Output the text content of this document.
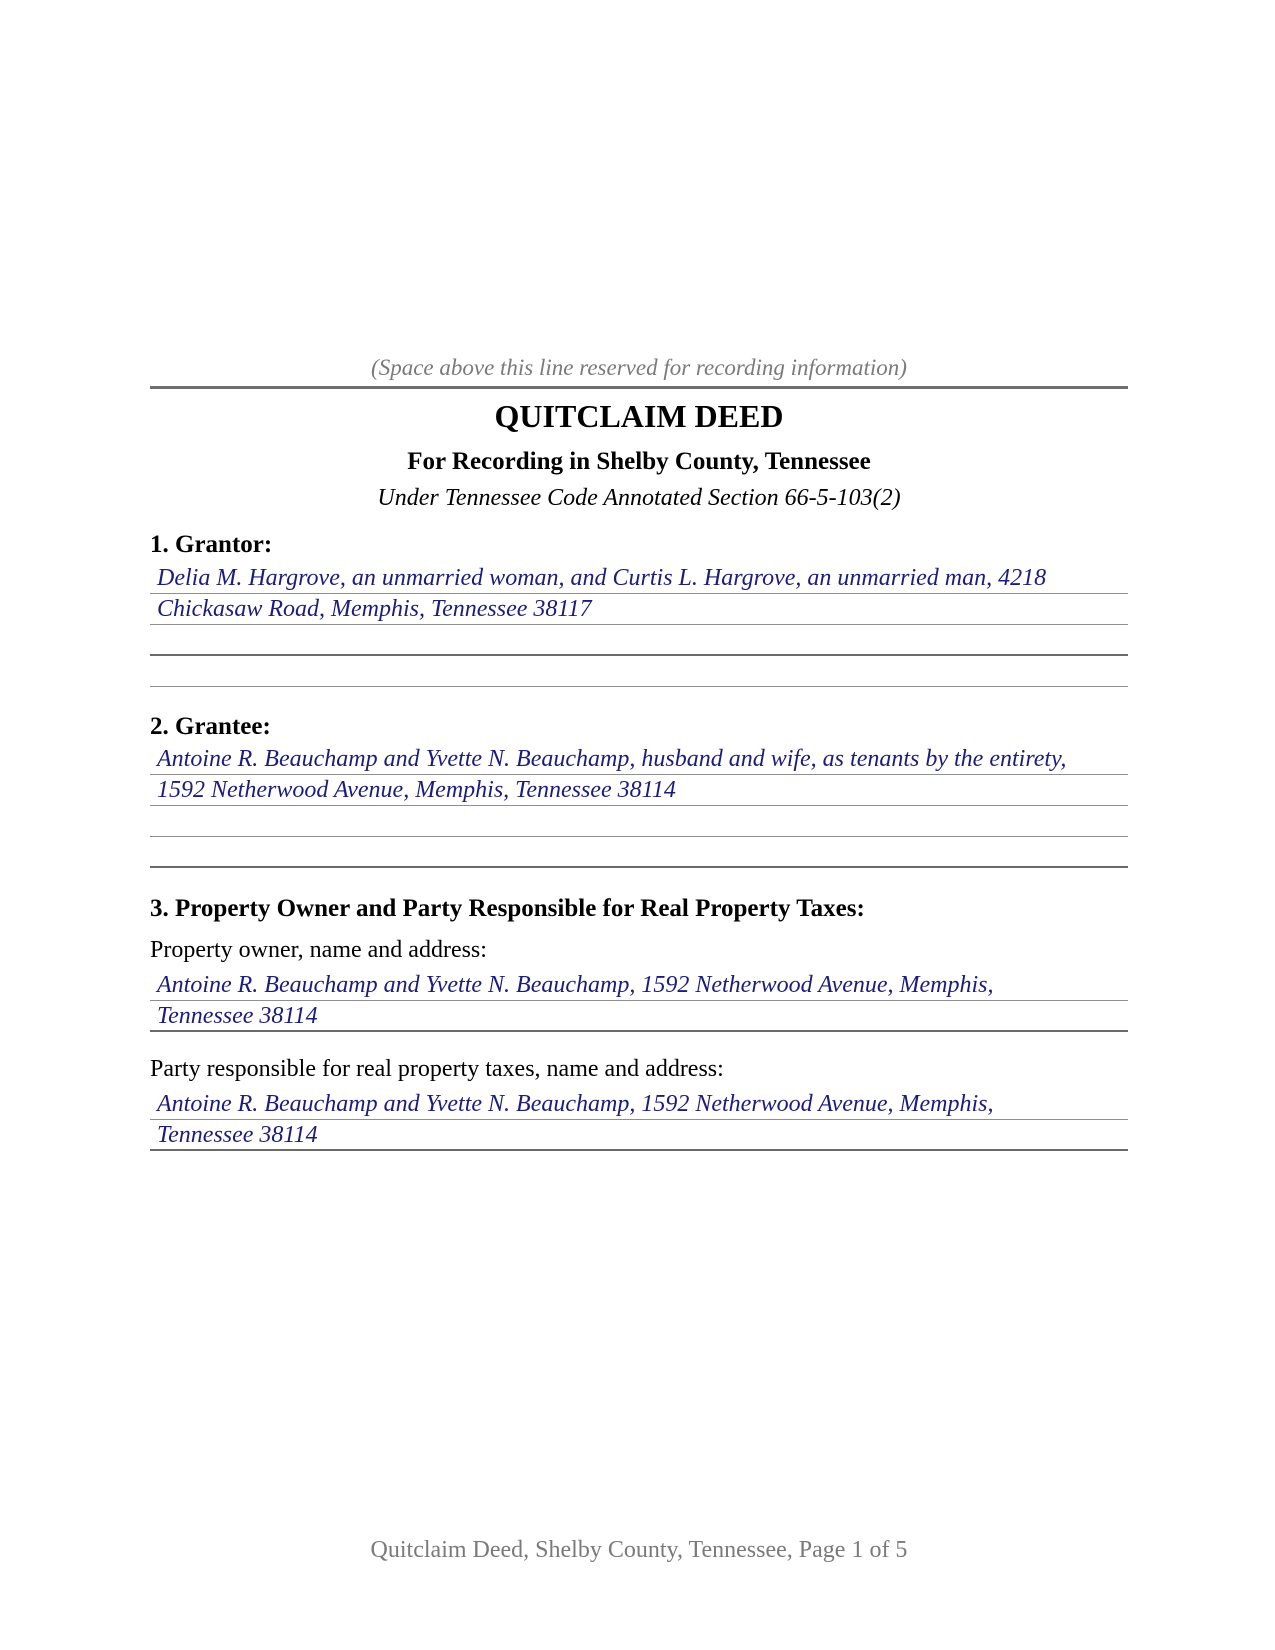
(Space above this line reserved for recording information)
QUITCLAIM DEED
For Recording in Shelby County, Tennessee
Under Tennessee Code Annotated Section 66-5-103(2)
1. Grantor:
Delia M. Hargrove, an unmarried woman, and Curtis L. Hargrove, an unmarried man, 4218
Chickasaw Road, Memphis, Tennessee 38117
2. Grantee:
Antoine R. Beauchamp and Yvette N. Beauchamp, husband and wife, as tenants by the entirety,
1592 Netherwood Avenue, Memphis, Tennessee 38114
3. Property Owner and Party Responsible for Real Property Taxes:
Property owner, name and address:
Antoine R. Beauchamp and Yvette N. Beauchamp, 1592 Netherwood Avenue, Memphis,
Tennessee 38114
Party responsible for real property taxes, name and address:
Antoine R. Beauchamp and Yvette N. Beauchamp, 1592 Netherwood Avenue, Memphis,
Tennessee 38114
Quitclaim Deed, Shelby County, Tennessee, Page 1 of 5
